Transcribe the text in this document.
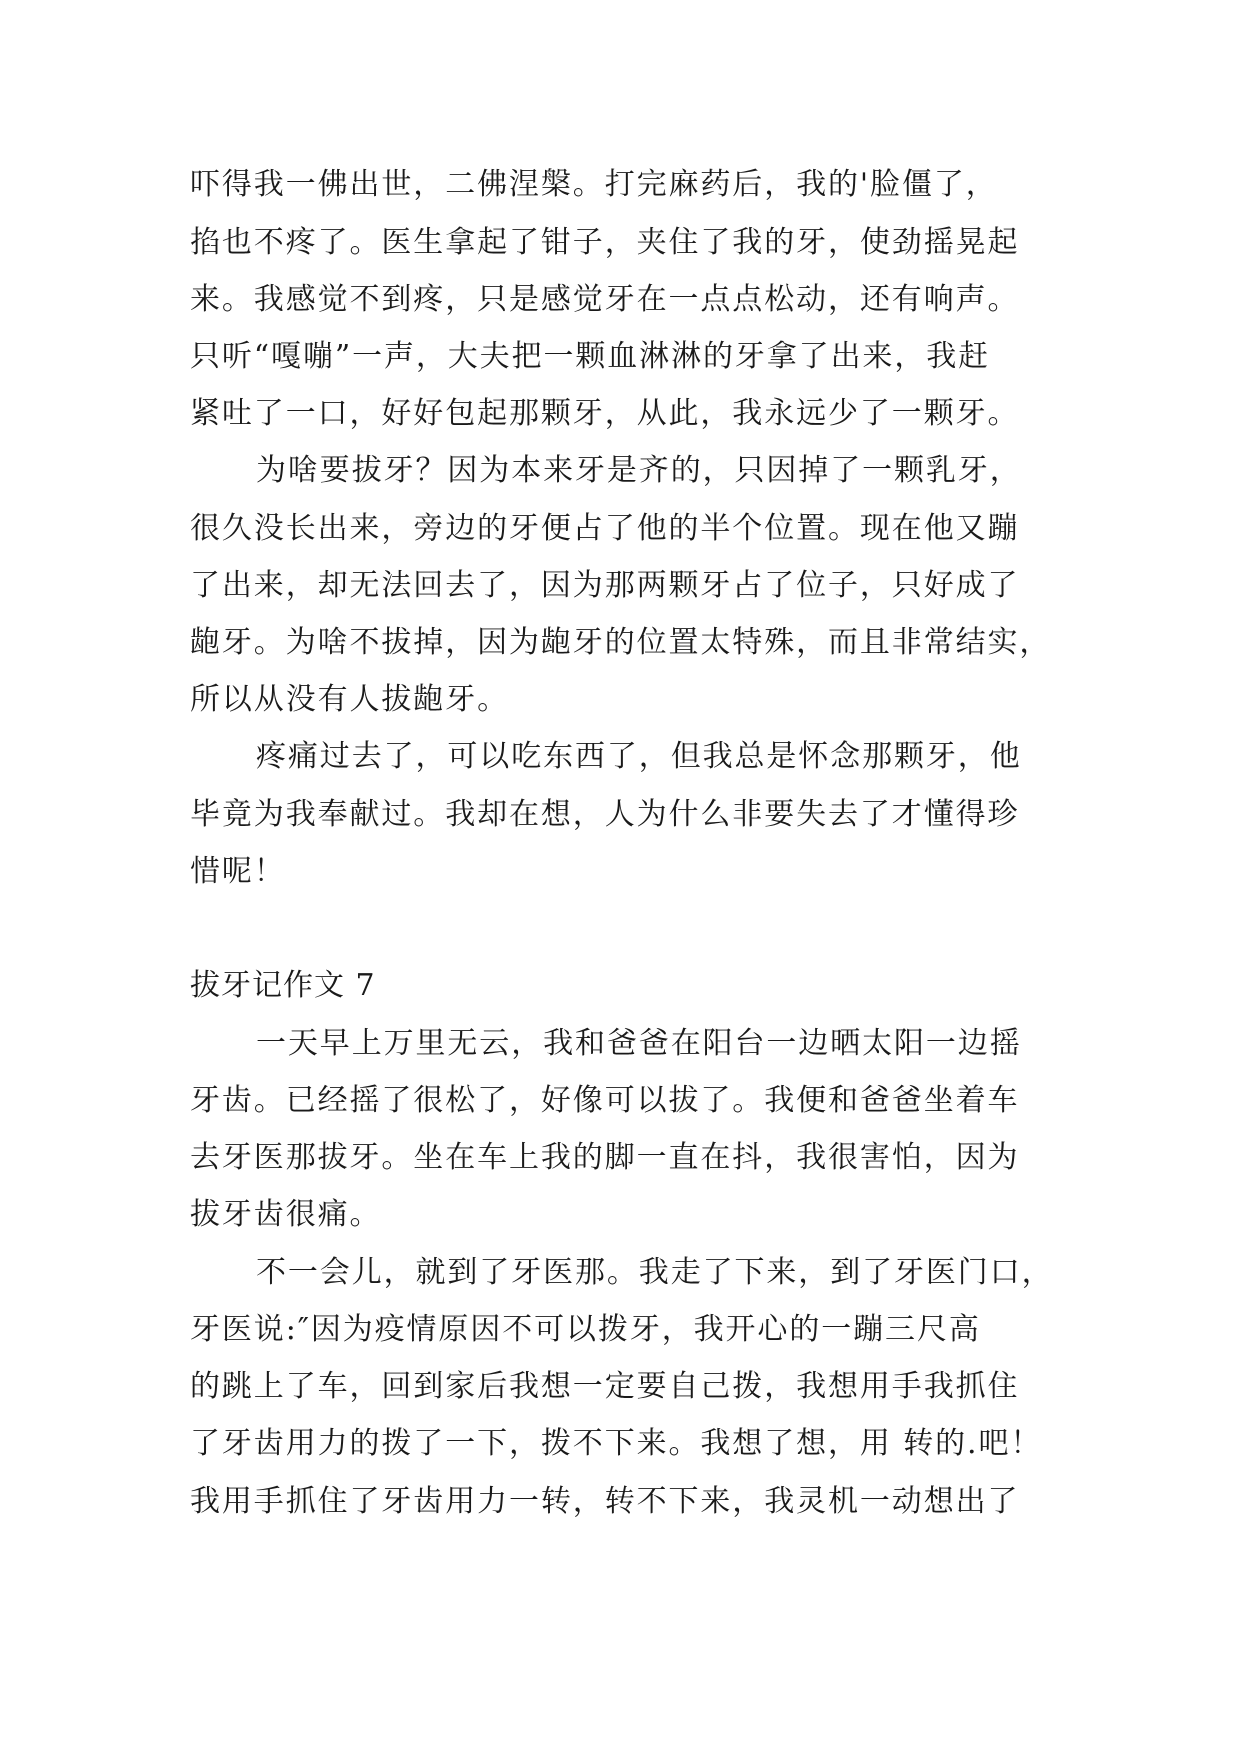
吓得我一佛出世，二佛涅槃。打完麻药后，我的'脸僵了，
掐也不疼了。医生拿起了钳子，夹住了我的牙，使劲摇晃起
来。我感觉不到疼，只是感觉牙在一点点松动，还有响声。
只听“嘎嘣”一声，大夫把一颗血淋淋的牙拿了出来，我赶
紧吐了一口，好好包起那颗牙，从此，我永远少了一颗牙。
为啥要拔牙？因为本来牙是齐的，只因掉了一颗乳牙，
很久没长出来，旁边的牙便占了他的半个位置。现在他又蹦
了出来，却无法回去了，因为那两颗牙占了位子，只好成了
龅牙。为啥不拔掉，因为龅牙的位置太特殊，而且非常结实，
所以从没有人拔龅牙。
疼痛过去了，可以吃东西了，但我总是怀念那颗牙，他
毕竟为我奉献过。我却在想，人为什么非要失去了才懂得珍
惜呢！
拔牙记作文 7
一天早上万里无云，我和爸爸在阳台一边晒太阳一边摇
牙齿。已经摇了很松了，好像可以拔了。我便和爸爸坐着车
去牙医那拔牙。坐在车上我的脚一直在抖，我很害怕，因为
拔牙齿很痛。
不一会儿，就到了牙医那。我走了下来，到了牙医门口，
牙医说:″因为疫情原因不可以拨牙，我开心的一蹦三尺高
的跳上了车，回到家后我想一定要自己拨，我想用手我抓住
了牙齿用力的拨了一下，拨不下来。我想了想，用 转的.吧！
我用手抓住了牙齿用力一转，转不下来，我灵机一动想出了
